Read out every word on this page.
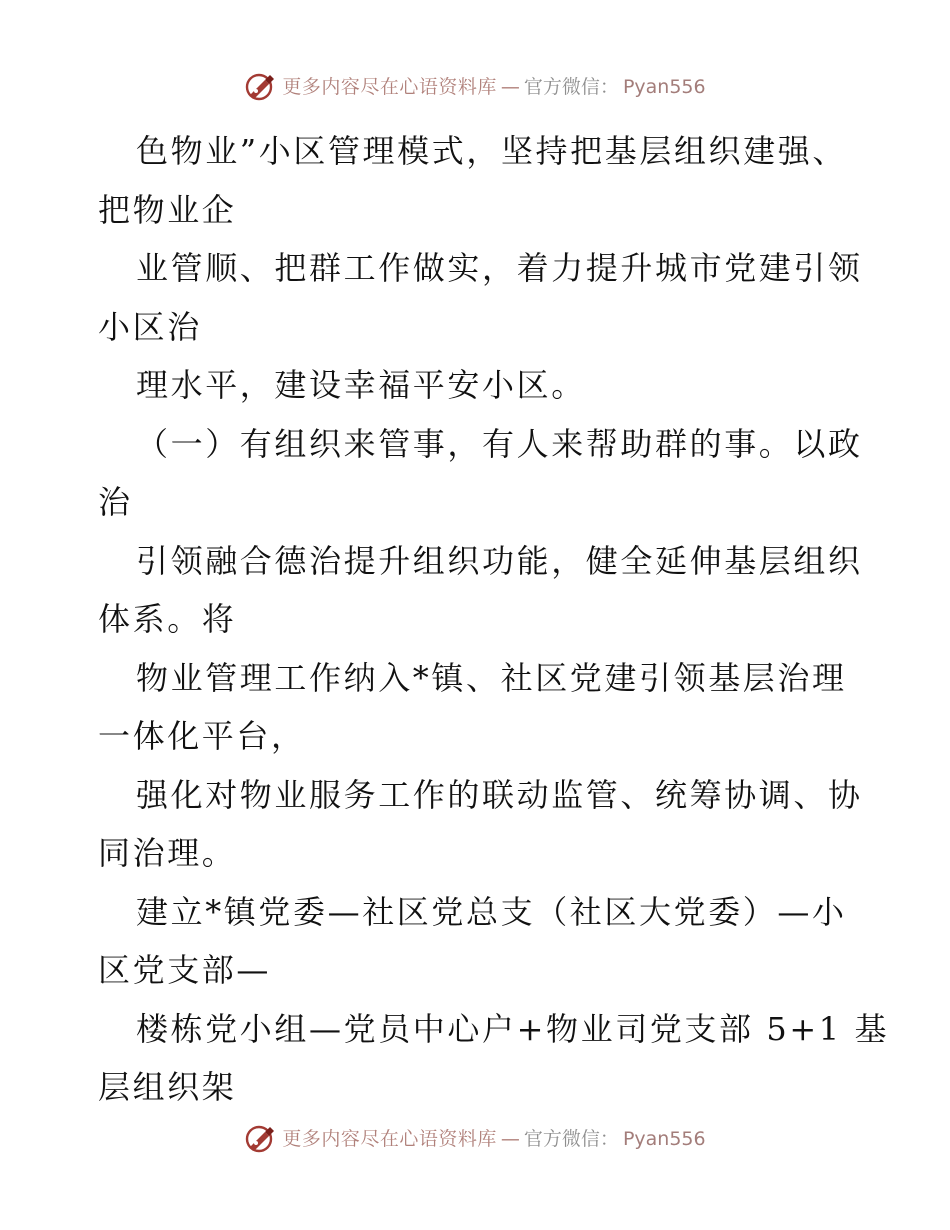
更多内容尽在心语资料库 — 官方微信： Pyan556
色物业”小区管理模式，坚持把基层组织建强、
把物业企
业管顺、把群工作做实，着力提升城市党建引领
小区治
理水平，建设幸福平安小区。
（一）有组织来管事，有人来帮助群的事。以政
治
引领融合德治提升组织功能，健全延伸基层组织
体系。将
物业管理工作纳入*镇、社区党建引领基层治理
一体化平台，
强化对物业服务工作的联动监管、统筹协调、协
同治理。
建立*镇党委—社区党总支（社区大党委）—小
区党支部—
楼栋党小组—党员中心户+物业司党支部 5+1 基
层组织架
更多内容尽在心语资料库 — 官方微信： Pyan556
